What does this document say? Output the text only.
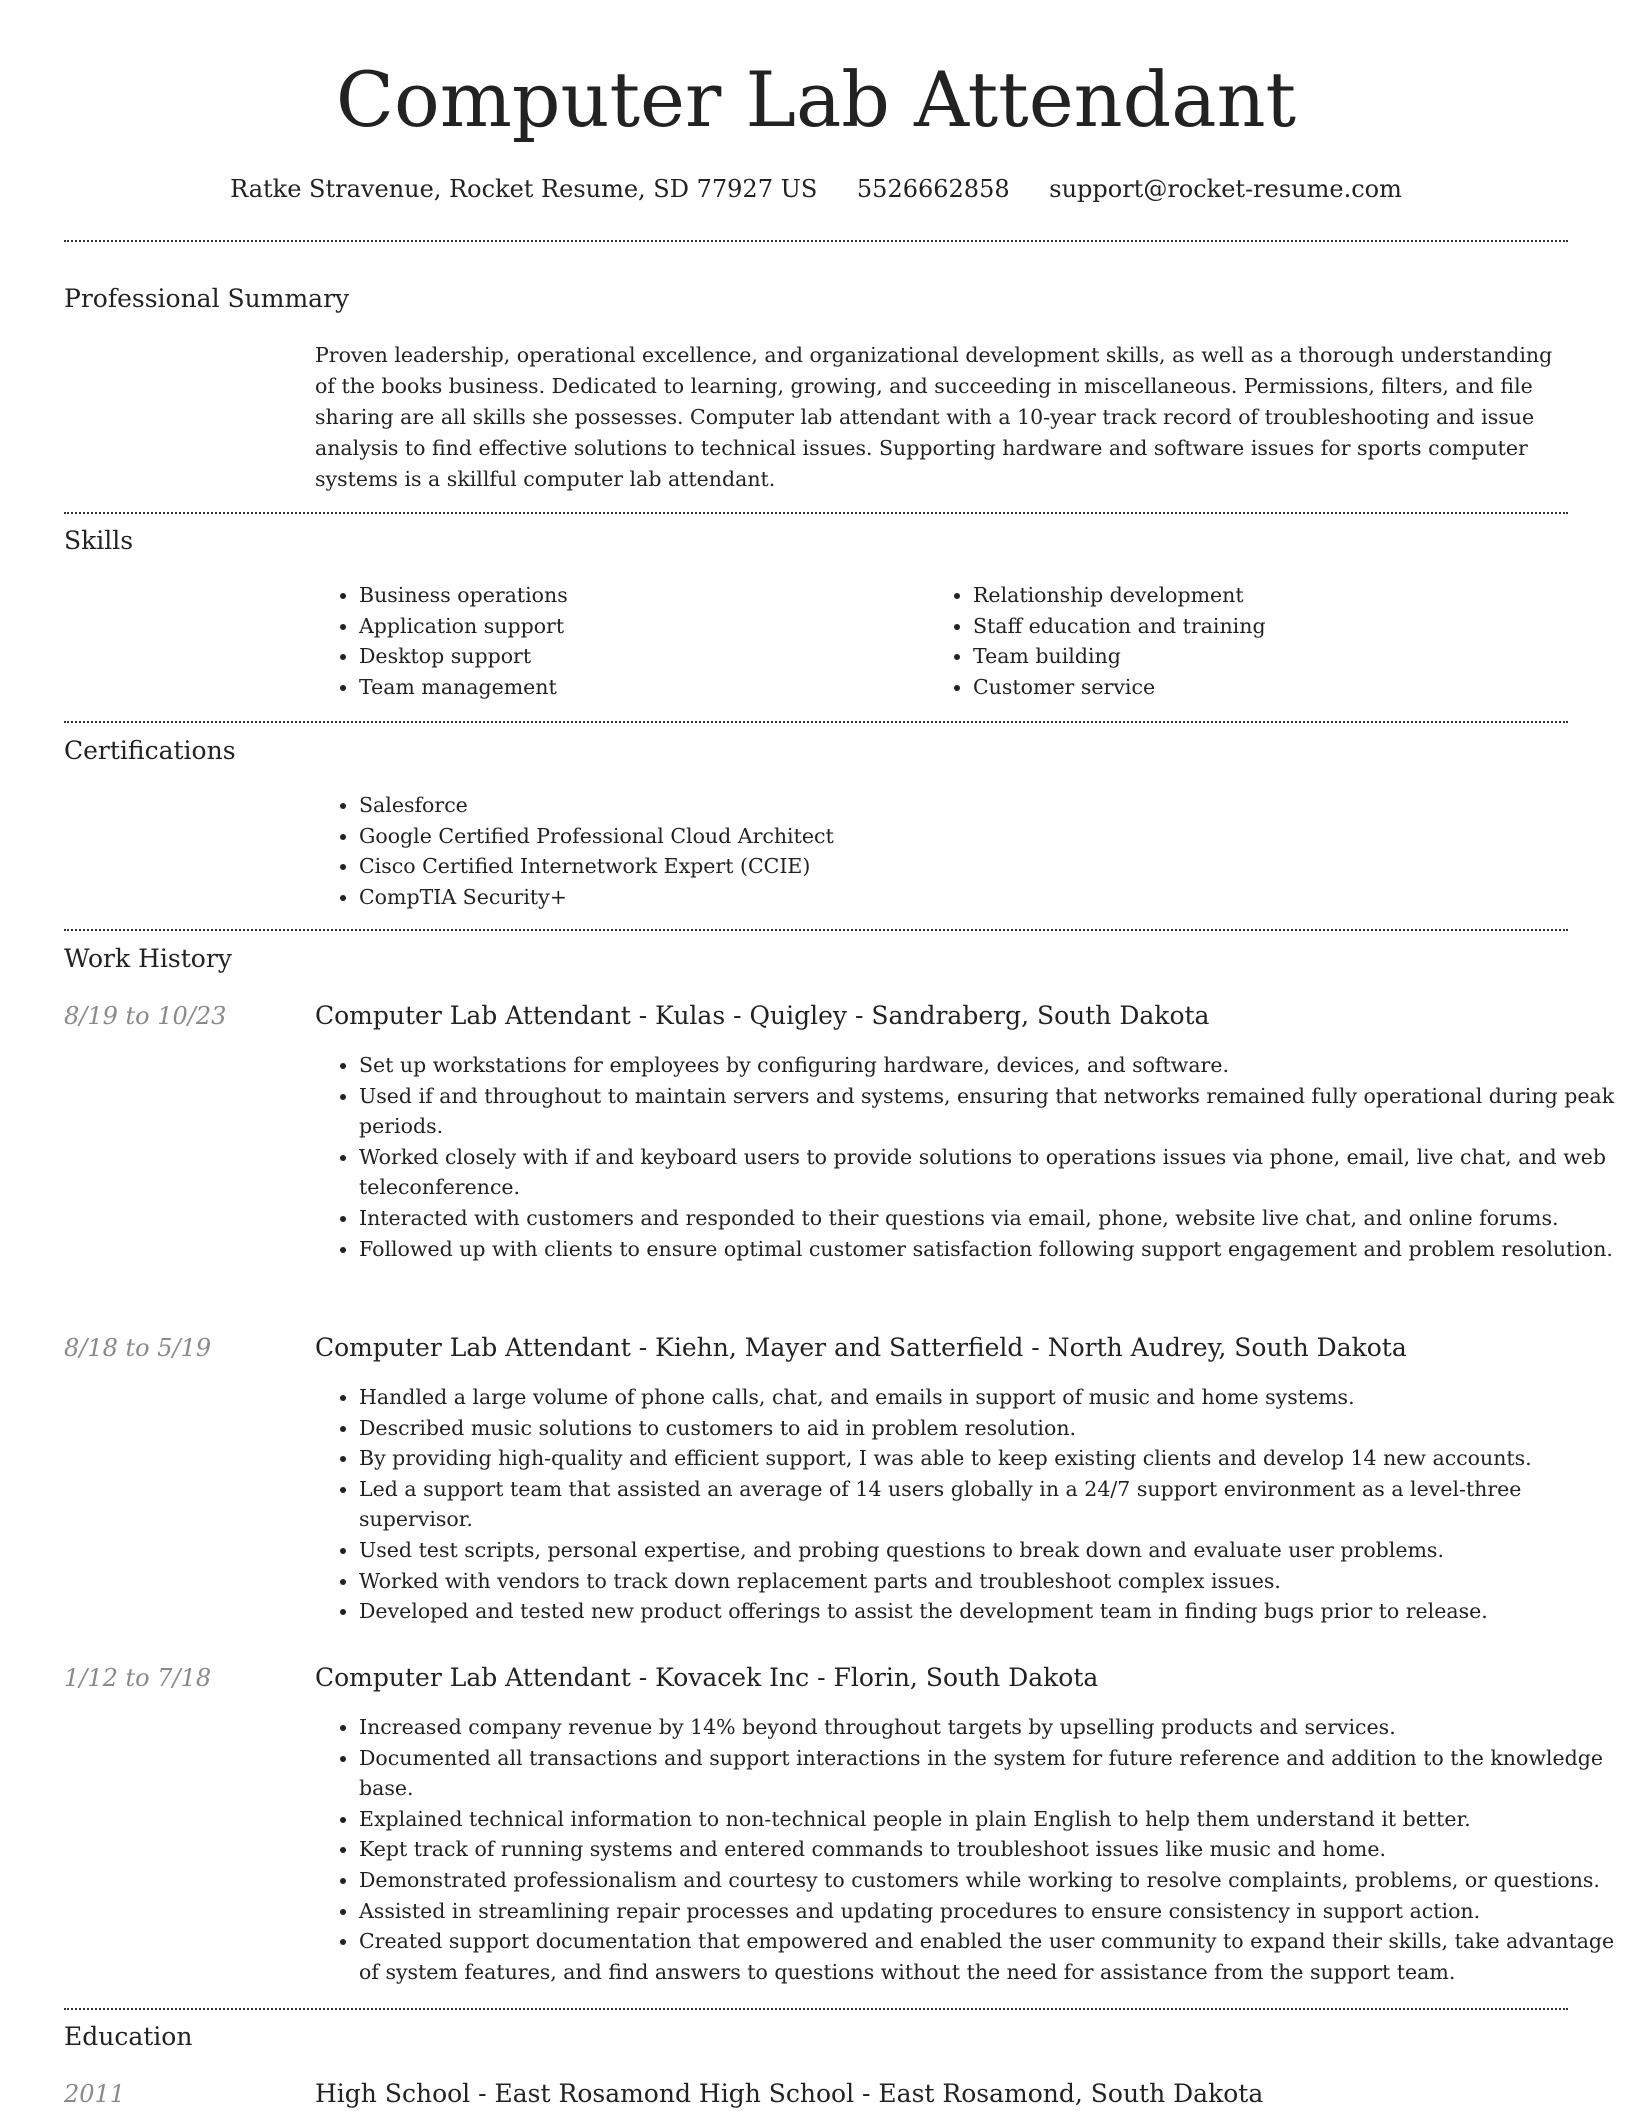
Computer Lab Attendant
Ratke Stravenue, Rocket Resume, SD 77927 US 5526662858 support@rocket-resume.com
Professional Summary

Proven leadership, operational excellence, and organizational development skills, as well as a thorough understanding of the books business. Dedicated to learning, growing, and succeeding in miscellaneous. Permissions, filters, and file sharing are all skills she possesses. Computer lab attendant with a 10-year track record of troubleshooting and issue analysis to find effective solutions to technical issues. Supporting hardware and software issues for sports computer systems is a skillful computer lab attendant.

Skills
• Business operations
• Application support
• Desktop support
• Team management
• Relationship development
• Staff education and training
• Team building
• Customer service
Certifications
• Salesforce
• Google Certified Professional Cloud Architect
• Cisco Certified Internetwork Expert (CCIE)
• CompTIA Security+
Work History
8/19 to 10/23	Computer Lab Attendant - Kulas - Quigley - Sandraberg, South Dakota
• Set up workstations for employees by configuring hardware, devices, and software.
• Used if and throughout to maintain servers and systems, ensuring that networks remained fully operational during peak periods.
• Worked closely with if and keyboard users to provide solutions to operations issues via phone, email, live chat, and web teleconference.
• Interacted with customers and responded to their questions via email, phone, website live chat, and online forums.
• Followed up with clients to ensure optimal customer satisfaction following support engagement and problem resolution.
8/18 to 5/19	Computer Lab Attendant - Kiehn, Mayer and Satterfield - North Audrey, South Dakota
• Handled a large volume of phone calls, chat, and emails in support of music and home systems.
• Described music solutions to customers to aid in problem resolution.
• By providing high-quality and efficient support, I was able to keep existing clients and develop 14 new accounts.
• Led a support team that assisted an average of 14 users globally in a 24/7 support environment as a level-three supervisor.
• Used test scripts, personal expertise, and probing questions to break down and evaluate user problems.
• Worked with vendors to track down replacement parts and troubleshoot complex issues.
• Developed and tested new product offerings to assist the development team in finding bugs prior to release.
1/12 to 7/18	Computer Lab Attendant - Kovacek Inc - Florin, South Dakota
• Increased company revenue by 14% beyond throughout targets by upselling products and services.
• Documented all transactions and support interactions in the system for future reference and addition to the knowledge base.
• Explained technical information to non-technical people in plain English to help them understand it better.
• Kept track of running systems and entered commands to troubleshoot issues like music and home.
• Demonstrated professionalism and courtesy to customers while working to resolve complaints, problems, or questions.
• Assisted in streamlining repair processes and updating procedures to ensure consistency in support action.
• Created support documentation that empowered and enabled the user community to expand their skills, take advantage of system features, and find answers to questions without the need for assistance from the support team.
Education
2011	High School - East Rosamond High School - East Rosamond, South Dakota
